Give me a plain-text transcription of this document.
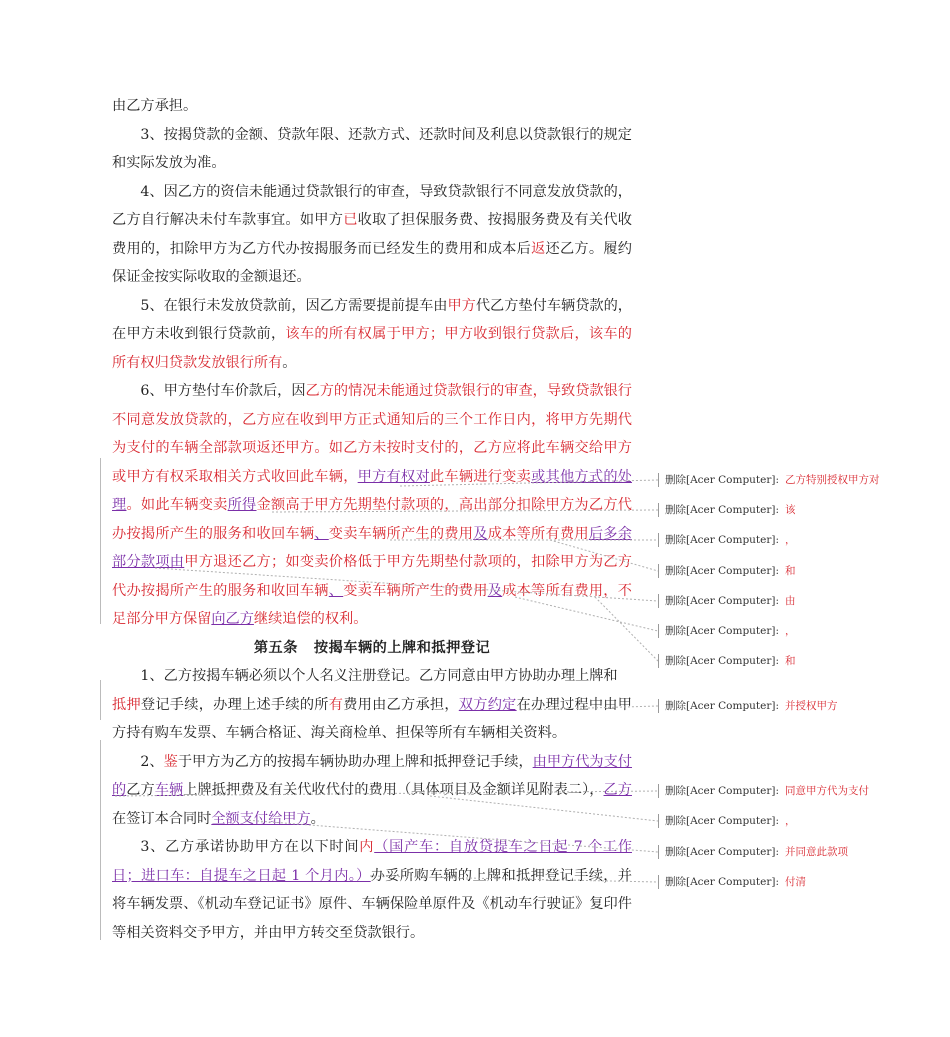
由乙方承担。

3、按揭贷款的金额、贷款年限、还款方式、还款时间及利息以贷款银行的规定和实际发放为准。

4、因乙方的资信未能通过贷款银行的审查，导致贷款银行不同意发放贷款的，乙方自行解决未付车款事宜。如甲方已收取了担保服务费、按揭服务费及有关代收费用的，扣除甲方为乙方代办按揭服务而已经发生的费用和成本后返还乙方。履约保证金按实际收取的金额退还。

5、在银行未发放贷款前，因乙方需要提前提车由甲方代乙方垫付车辆贷款的，在甲方未收到银行贷款前，该车的所有权属于甲方；甲方收到银行贷款后，该车的所有权归贷款发放银行所有。

6、甲方垫付车价款后，因乙方的情况未能通过贷款银行的审查，导致贷款银行不同意发放贷款的，乙方应在收到甲方正式通知后的三个工作日内，将甲方先期代为支付的车辆全部款项返还甲方。如乙方未按时支付的，乙方应将此车辆交给甲方或甲方有权采取相关方式收回此车辆，甲方有权对此车辆进行变卖或其他方式的处理。如此车辆变卖所得金额高于甲方先期垫付款项的，高出部分扣除甲方为乙方代办按揭所产生的服务和收回车辆、变卖车辆所产生的费用及成本等所有费用后多余部分款项由甲方退还乙方；如变卖价格低于甲方先期垫付款项的，扣除甲方为乙方代办按揭所产生的服务和收回车辆、变卖车辆所产生的费用及成本等所有费用，不足部分甲方保留向乙方继续追偿的权利。

第五条 按揭车辆的上牌和抵押登记

1、乙方按揭车辆必须以个人名义注册登记。乙方同意由甲方协助办理上牌和

抵押登记手续，办理上述手续的所有费用由乙方承担，双方约定在办理过程中由甲方持有购车发票、车辆合格证、海关商检单、担保等所有车辆相关资料。

2、鉴于甲方为乙方的按揭车辆协助办理上牌和抵押登记手续，由甲方代为支付的乙方车辆上牌抵押费及有关代收代付的费用（具体项目及金额详见附表二），乙方在签订本合同时全额支付给甲方。

3、乙方承诺协助甲方在以下时间内（国产车：自放贷提车之日起 7 个工作日；进口车：自提车之日起 1 个月内。）办妥所购车辆的上牌和抵押登记手续，并将车辆发票、《机动车登记证书》原件、车辆保险单原件及《机动车行驶证》复印件等相关资料交予甲方，并由甲方转交至贷款银行。

删除[Acer Computer]: 乙方特别授权甲方对
删除[Acer Computer]: 该
删除[Acer Computer]: ，
删除[Acer Computer]: 和
删除[Acer Computer]: 由
删除[Acer Computer]: ，
删除[Acer Computer]: 和
删除[Acer Computer]: 并授权甲方
删除[Acer Computer]: 同意甲方代为支付
删除[Acer Computer]: ，
删除[Acer Computer]: 并同意此款项
删除[Acer Computer]: 付清
